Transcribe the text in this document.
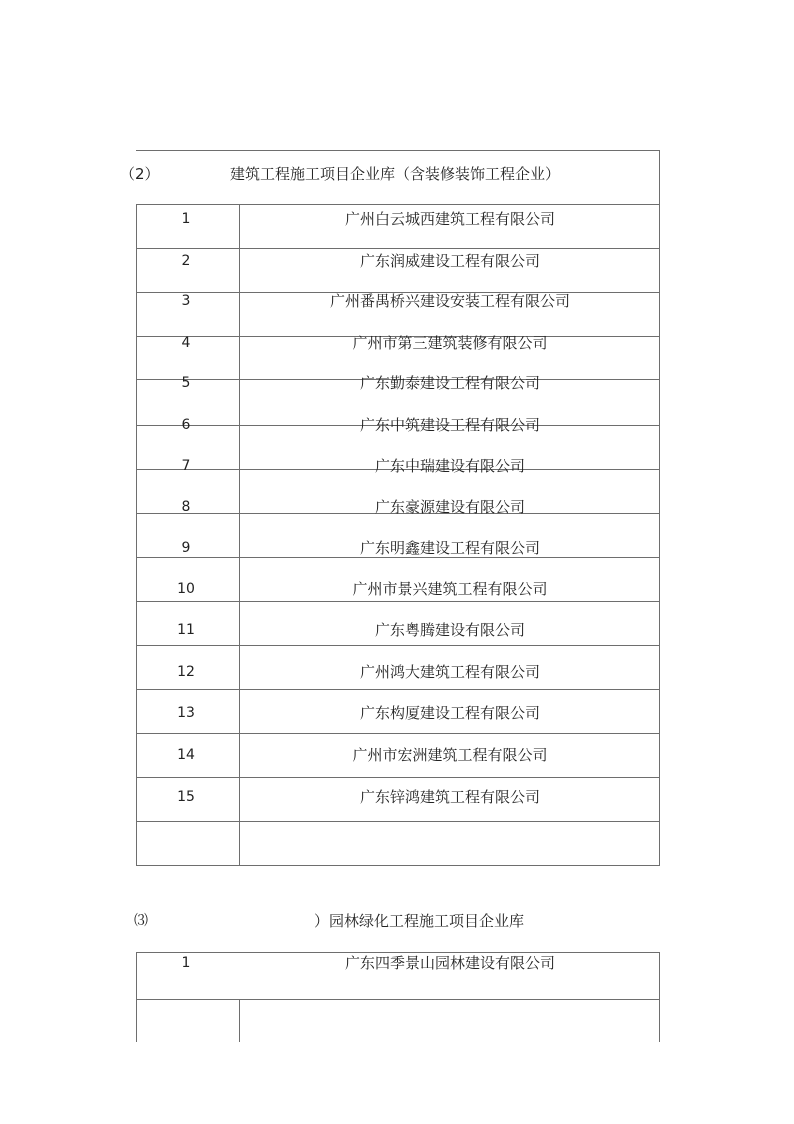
（2）	建筑工程施工项目企业库（含装修装饰工程企业）
1	广州白云城西建筑工程有限公司
2	广东润威建设工程有限公司
3	广州番禺桥兴建设安装工程有限公司
4	广州市第三建筑装修有限公司
5	广东勤泰建设工程有限公司
6	广东中筑建设工程有限公司
7	广东中瑞建设有限公司
8	广东豪源建设有限公司
9	广东明鑫建设工程有限公司
10	广州市景兴建筑工程有限公司
11	广东粤腾建设有限公司
12	广州鸿大建筑工程有限公司
13	广东构厦建设工程有限公司
14	广州市宏洲建筑工程有限公司
15	广东锌鸿建筑工程有限公司
⑶	）园林绿化工程施工项目企业库
1	广东四季景山园林建设有限公司
